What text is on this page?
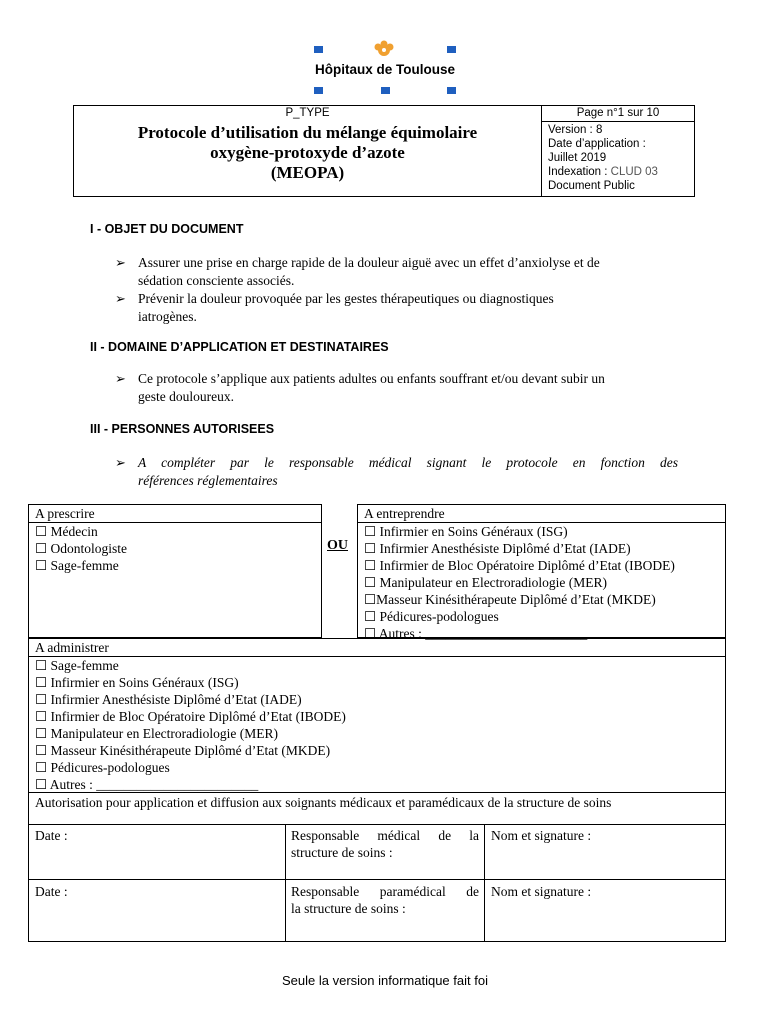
Hôpitaux de Toulouse
P_TYPE
Protocole d’utilisation du mélange équimolaire
oxygène-protoxyde d’azote
(MEOPA)
Page n°1 sur 10
Version : 8
Date d’application :
Juillet 2019
Indexation : CLUD 03
Document Public
I - OBJET DU DOCUMENT
➢ Assurer une prise en charge rapide de la douleur aiguë avec un effet d’anxiolyse et de
sédation consciente associés.
➢ Prévenir la douleur provoquée par les gestes thérapeutiques ou diagnostiques
iatrogènes.
II - DOMAINE D’APPLICATION ET DESTINATAIRES
➢ Ce protocole s’applique aux patients adultes ou enfants souffrant et/ou devant subir un
geste douloureux.
III - PERSONNES AUTORISEES
➢ A compléter par le responsable médical signant le protocole en fonction des
références réglementaires
A prescrire
☐ Médecin
☐ Odontologiste
☐ Sage-femme
OU
A entreprendre
☐ Infirmier en Soins Généraux (ISG)
☐ Infirmier Anesthésiste Diplômé d’Etat (IADE)
☐ Infirmier de Bloc Opératoire Diplômé d’Etat (IBODE)
☐ Manipulateur en Electroradiologie (MER)
☐Masseur Kinésithérapeute Diplômé d’Etat (MKDE)
☐ Pédicures-podologues
☐ Autres : ________________________
A administrer
☐ Sage-femme
☐ Infirmier en Soins Généraux (ISG)
☐ Infirmier Anesthésiste Diplômé d’Etat (IADE)
☐ Infirmier de Bloc Opératoire Diplômé d’Etat (IBODE)
☐ Manipulateur en Electroradiologie (MER)
☐ Masseur Kinésithérapeute Diplômé d’Etat (MKDE)
☐ Pédicures-podologues
☐ Autres : ________________________
Autorisation pour application et diffusion aux soignants médicaux et paramédicaux de la structure de soins
Date :	Responsable médical de la
structure de soins :
Nom et signature :
Date :	Responsable paramédical de
la structure de soins :
Nom et signature :
Seule la version informatique fait foi
